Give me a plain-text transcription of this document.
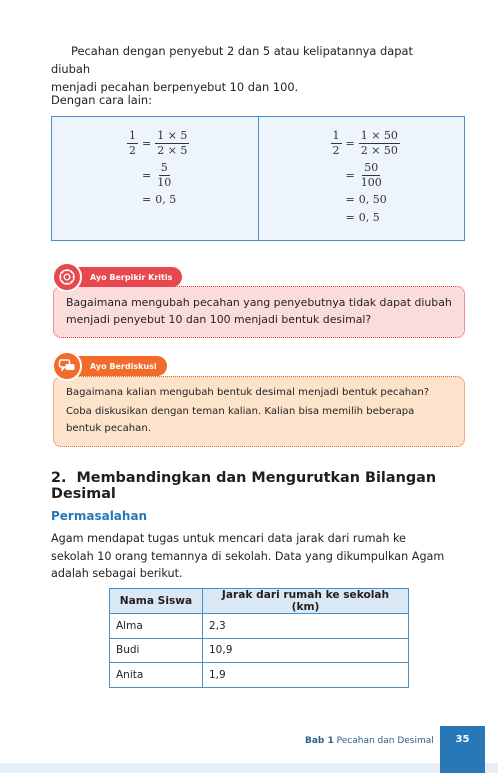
Pecahan dengan penyebut 2 dan 5 atau kelipatannya dapat diubah
menjadi pecahan berpenyebut 10 dan 100.
Dengan cara lain:
$\frac{1}{2} = \frac{1 \times 5}{2 \times 5}$
= $\frac{5}{10}$
= 0, 5
$\frac{1}{2} = \frac{1 \times 50}{2 \times 50}$
= $\frac{50}{100}$
= 0, 50
= 0, 5
Bagaimana mengubah pecahan yang penyebutnya tidak dapat diubah menjadi penyebut 10 dan 100 menjadi bentuk desimal?
Ayo Berpikir Kritis
Bagaimana kalian mengubah bentuk desimal menjadi bentuk pecahan?
Coba diskusikan dengan teman kalian. Kalian bisa memilih beberapa bentuk pecahan.
Ayo Berdiskusi
2. Membandingkan dan Mengurutkan Bilangan Desimal
Permasalahan
Agam mendapat tugas untuk mencari data jarak dari rumah ke sekolah 10 orang temannya di sekolah. Data yang dikumpulkan Agam adalah sebagai berikut.
Nama Siswa	Jarak dari rumah ke sekolah (km)
Alma	2,3
Budi	10,9
Anita	1,9
Bab 1 Pecahan dan Desimal 35
